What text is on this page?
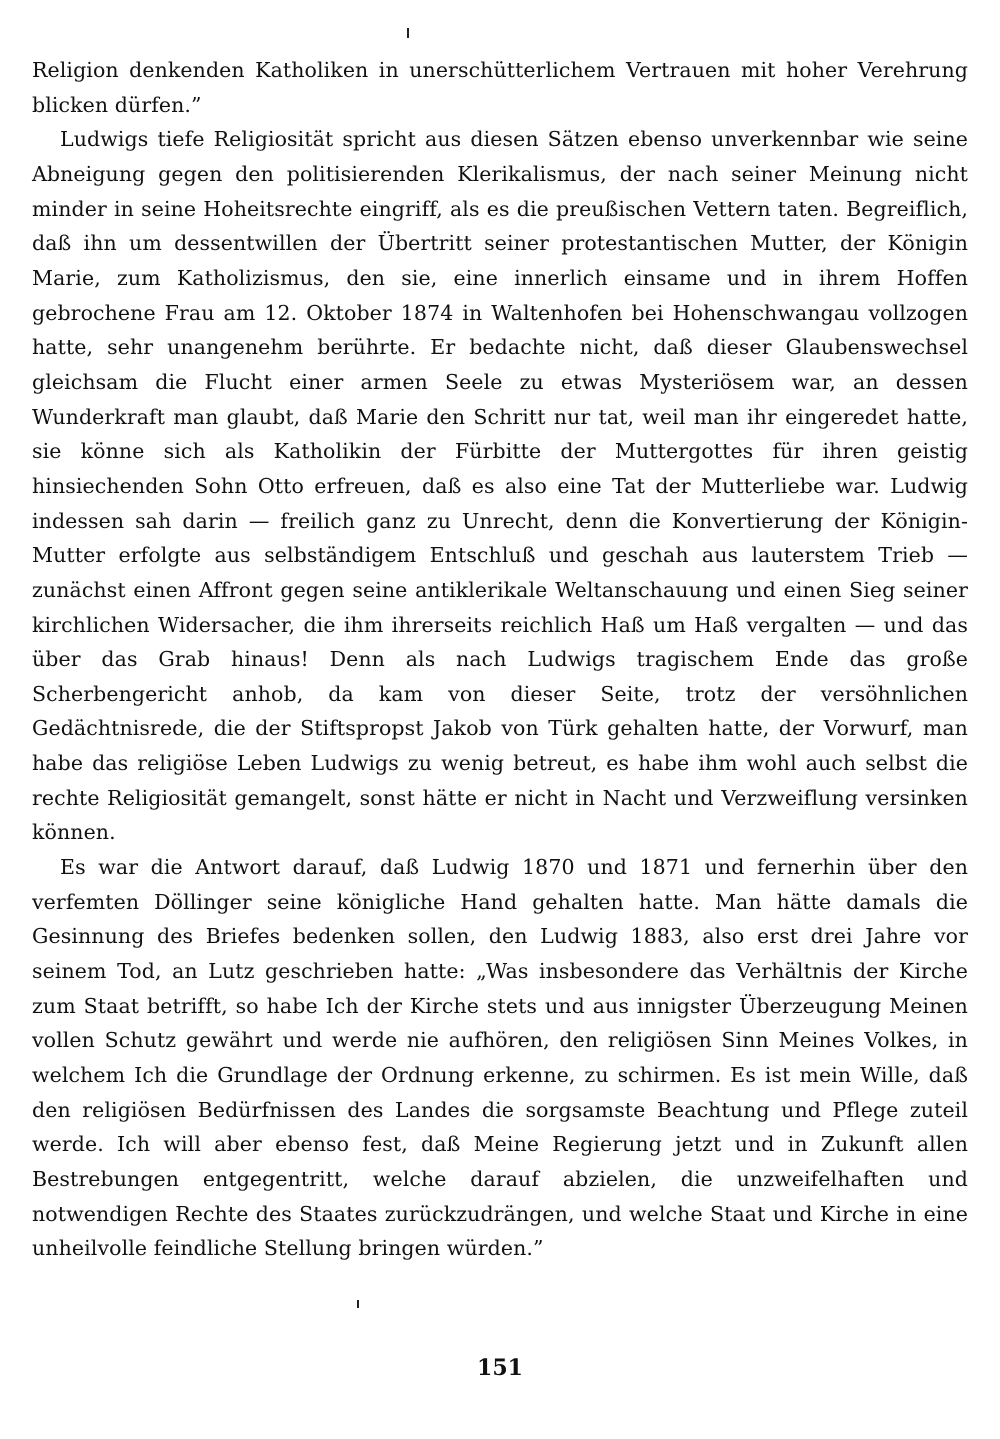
Religion denkenden Katholiken in unerschütterlichem Vertrauen mit hoher Verehrung blicken dürfen.”

Ludwigs tiefe Religiosität spricht aus diesen Sätzen ebenso unverkennbar wie seine Abneigung gegen den politisierenden Klerikalismus, der nach seiner Meinung nicht minder in seine Hoheitsrechte eingriff, als es die preußischen Vettern taten. Begreiflich, daß ihn um dessentwillen der Übertritt seiner protestantischen Mutter, der Königin Marie, zum Katholizismus, den sie, eine innerlich einsame und in ihrem Hoffen gebrochene Frau am 12. Oktober 1874 in Waltenhofen bei Hohenschwangau vollzogen hatte, sehr unangenehm berührte. Er bedachte nicht, daß dieser Glaubenswechsel gleichsam die Flucht einer armen Seele zu etwas Mysteriösem war, an dessen Wunderkraft man glaubt, daß Marie den Schritt nur tat, weil man ihr eingeredet hatte, sie könne sich als Katholikin der Fürbitte der Muttergottes für ihren geistig hinsiechenden Sohn Otto erfreuen, daß es also eine Tat der Mutterliebe war. Ludwig indessen sah darin — freilich ganz zu Unrecht, denn die Konvertierung der Königin-Mutter erfolgte aus selbständigem Entschluß und geschah aus lauterstem Trieb — zunächst einen Affront gegen seine antiklerikale Weltanschauung und einen Sieg seiner kirchlichen Widersacher, die ihm ihrerseits reichlich Haß um Haß vergalten — und das über das Grab hinaus! Denn als nach Ludwigs tragischem Ende das große Scherbengericht anhob, da kam von dieser Seite, trotz der versöhnlichen Gedächtnisrede, die der Stiftspropst Jakob von Türk gehalten hatte, der Vorwurf, man habe das religiöse Leben Ludwigs zu wenig betreut, es habe ihm wohl auch selbst die rechte Religiosität gemangelt, sonst hätte er nicht in Nacht und Verzweiflung versinken können.

Es war die Antwort darauf, daß Ludwig 1870 und 1871 und fernerhin über den verfemten Döllinger seine königliche Hand gehalten hatte. Man hätte damals die Gesinnung des Briefes bedenken sollen, den Ludwig 1883, also erst drei Jahre vor seinem Tod, an Lutz geschrieben hatte: „Was insbesondere das Verhältnis der Kirche zum Staat betrifft, so habe Ich der Kirche stets und aus innigster Überzeugung Meinen vollen Schutz gewährt und werde nie aufhören, den religiösen Sinn Meines Volkes, in welchem Ich die Grundlage der Ordnung erkenne, zu schirmen. Es ist mein Wille, daß den religiösen Bedürfnissen des Landes die sorgsamste Beachtung und Pflege zuteil werde. Ich will aber ebenso fest, daß Meine Regierung jetzt und in Zukunft allen Bestrebungen entgegentritt, welche darauf abzielen, die unzweifelhaften und notwendigen Rechte des Staates zurückzudrängen, und welche Staat und Kirche in eine unheilvolle feindliche Stellung bringen würden.”

151
